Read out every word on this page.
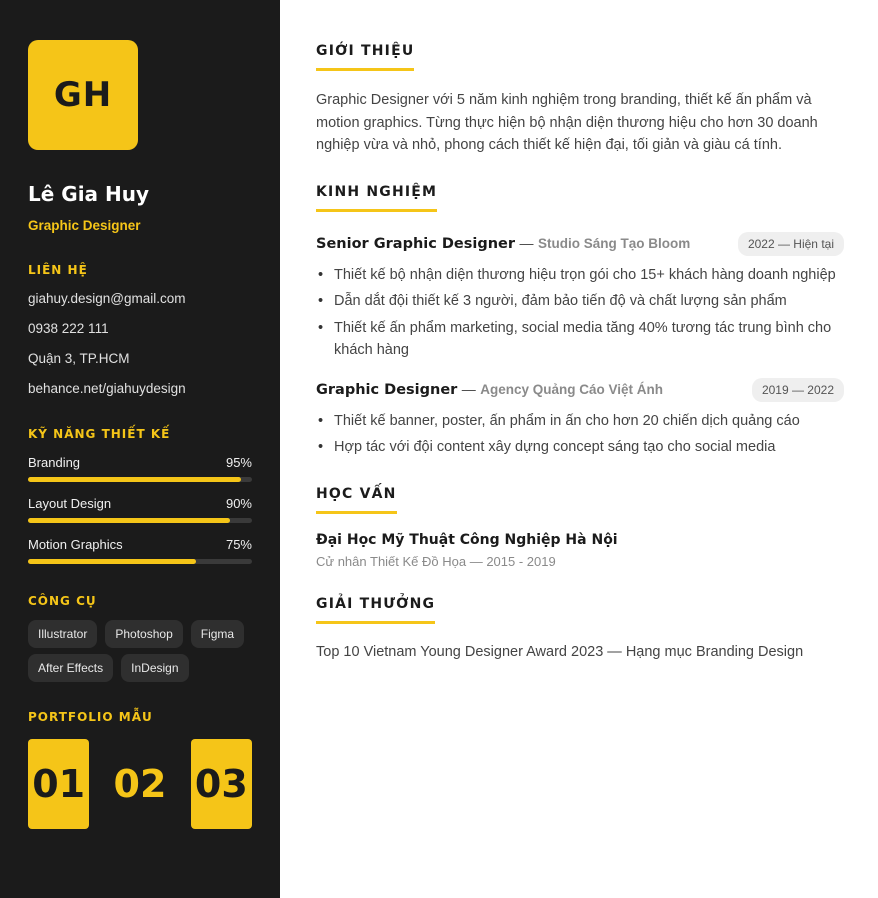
GH
Lê Gia Huy
Graphic Designer
LIÊN HỆ
giahuy.design@gmail.com
0938 222 111
Quận 3, TP.HCM
behance.net/giahuydesign
KỸ NĂNG THIẾT KẾ
Branding	95%
Layout Design	90%
Motion Graphics	75%
CÔNG CỤ
Illustrator	Photoshop	Figma
After Effects	InDesign
PORTFOLIO MẪU
01 02 03
GIỚI THIỆU

Graphic Designer với 5 năm kinh nghiệm trong branding, thiết kế ấn phẩm và motion graphics. Từng thực hiện bộ nhận diện thương hiệu cho hơn 30 doanh nghiệp vừa và nhỏ, phong cách thiết kế hiện đại, tối giản và giàu cá tính.

KINH NGHIỆM
Senior Graphic Designer — Studio Sáng Tạo Bloom	2022 — Hiện tại
• Thiết kế bộ nhận diện thương hiệu trọn gói cho 15+ khách hàng doanh nghiệp
• Dẫn dắt đội thiết kế 3 người, đảm bảo tiến độ và chất lượng sản phẩm
• Thiết kế ấn phẩm marketing, social media tăng 40% tương tác trung bình cho khách hàng
Graphic Designer — Agency Quảng Cáo Việt Ánh	2019 — 2022
• Thiết kế banner, poster, ấn phẩm in ấn cho hơn 20 chiến dịch quảng cáo
• Hợp tác với đội content xây dựng concept sáng tạo cho social media
HỌC VẤN
Đại Học Mỹ Thuật Công Nghiệp Hà Nội
Cử nhân Thiết Kế Đồ Họa — 2015 - 2019
GIẢI THƯỞNG
Top 10 Vietnam Young Designer Award 2023 — Hạng mục Branding Design
